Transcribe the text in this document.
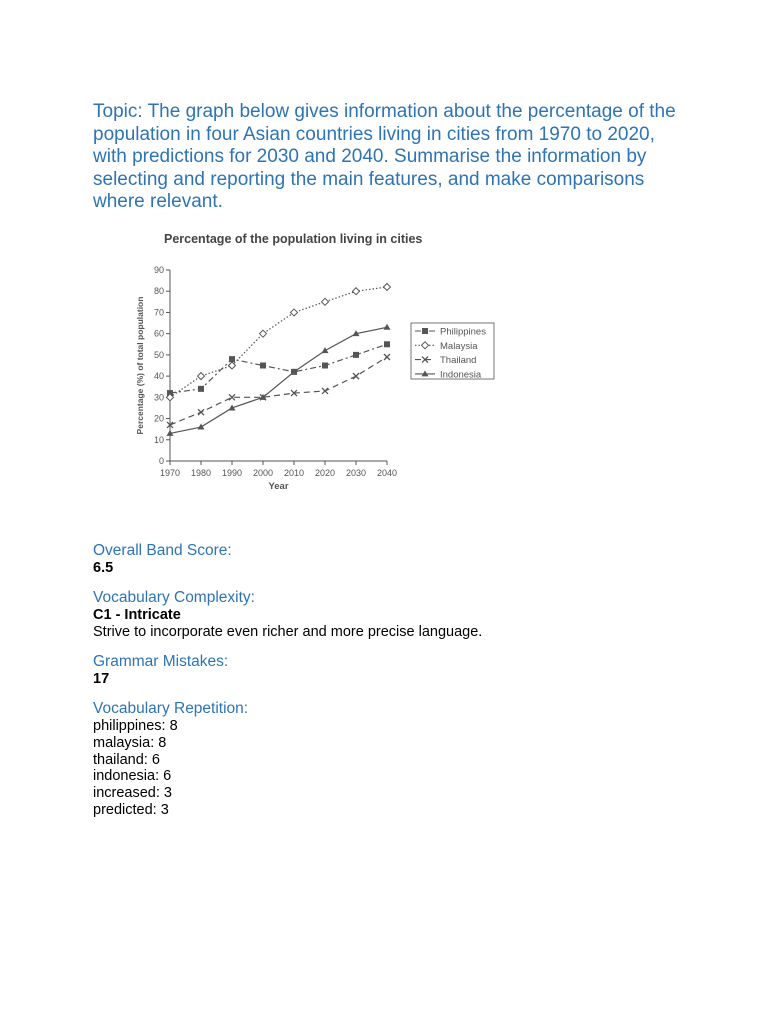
Topic: The graph below gives information about the percentage of the population in four Asian countries living in cities from 1970 to 2020, with predictions for 2030 and 2040. Summarise the information by selecting and reporting the main features, and make comparisons where relevant.

Percentage of the population living in cities
0
10
20
30
40
50
60
70
80
90
1970 1980 1990 2000 2010 2020 2030 2040
Year
Percentage (%) of total population	Philippines
Malaysia
Thailand
Indonesia
Overall Band Score:
6.5
Vocabulary Complexity:
C1 - Intricate
Strive to incorporate even richer and more precise language.
Grammar Mistakes:
17
Vocabulary Repetition:
philippines: 8
malaysia: 8
thailand: 6
indonesia: 6
increased: 3
predicted: 3
